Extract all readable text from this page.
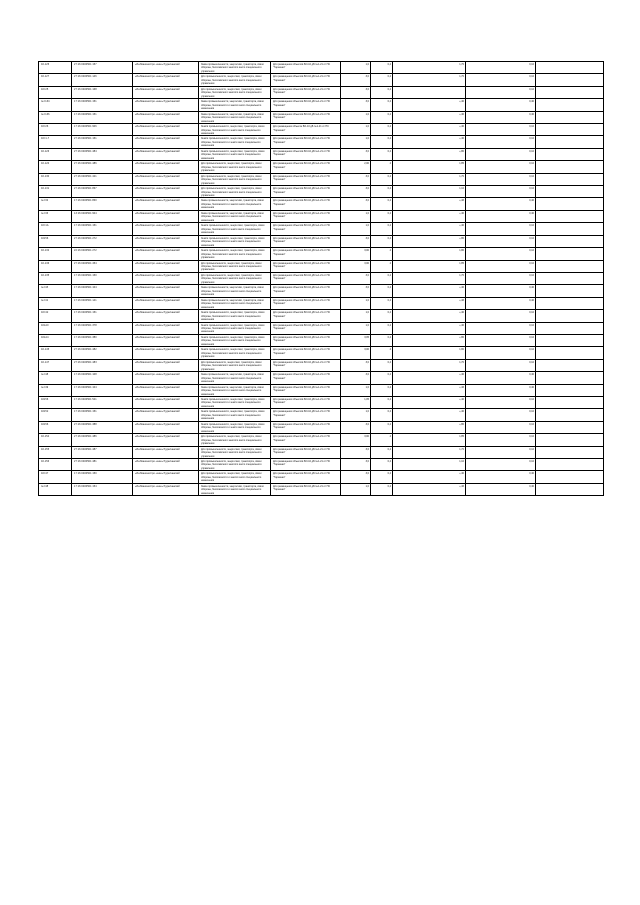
02-125	27:16:0400501:157	«Ин-Машиностро- ение» Рудничанский	Закон промышленности, энергетики, транспорта, связи обороны, бессоматного занятого иного специального управления	Для размещения объектов БО-10 дБ №1-21 от ПС "Таразная"	1,0	0,4	1,70	0,10	
02-127	27:16:0400501:146	«Ин-Машиностро- ение» Рудничанский	Для промышленности, энергетики, транспорта, связи обороны, бессоматного занятого иного специального управления	Для размещения объектов БО-10 дБ №1-21 от ПС "Таразная"	3,0	0,4	1,70	0,10	
02=25	27:16:0400501:168	«Ин-Машиностро- ение» Рудничанский	Для промышленности, энергетики, транспорта, связи обороны, бессоматного занятого иного специального управления	Для размещения объектов БО-10 дБ №1-21 от ПС "Таразная"	3,0	0,4		0,10	
№=134	17:16:0400501:151	«Ин-Машиностро- ение» Рудничанский	Закон промышленности, энергетики, транспорта, связи обороны, безопасности и занято иного специального назначения	Для размещения объектов БО-10 дБ №1-21 от ПС "Таразная"	3,0	0,4	+,40	0,40	
№=136	17:16:0400501:151	«Ин-Машиностро- ение» Рудничанский	Закон промышленности, энергетики, транспорта, связи обороны, безопасности и занято иного специального назначения	Для размещения объектов БО-10 дБ №1-21 от ПС "Таразная"	1,0	0,4	+,40	0,40	
02=26	17:16:0400501:906	«Ин-Машиностро- ение» Рудничанский	Земля промышленности, энергетики, транспорта, связи обороны, безопасности и земли иного специального назначения	Для размещения объекта БО-10 дБ №1-21 от ПС "Таразная"	1,0	0,4	+,40	0,10	
02=1-7	27:16:0400501:151	«Ин-Машиностро- ение» Рудничанский	Земли промышленности, энергетики, транспорта, связи обороны, безопасности и земли иного специального назначения	Для размещения объектов БО-10 дБ №1-21 от ПС "Таразная"	1,0	0,4	+,40	0,10	
02-126	27:16:0400501:484	«Ин-Машиностро- ение» Рудничанский	Земли промышленности, энергетики, транспорта, связи обороны, безопасности и земли иного специального назначения	Для размещения объектов БО-10 дБ №1-21 от ПС "Таразная"	3,0	0,4	+,80	0,10	
02-120	27:16:0400501:486	«Ин-Машиностро- ение» Рудничанский	Для промышленности, энергетики, транспорта, связи обороны, бессоматного занятого иного специального управления	Для размещения объектов БО-10 дБ №1-21 от ПС "Таразная"	2,00	4	1,85	0,10	
02-130	27:16:0400501:421	«Ин-Машиностро- ение» Рудничанский	Для промышленности, энергетики, транспорта, связи обороны, бессоматного занятого иного специального управления	Для размещения объектов БО-10 дБ №1-21 от ПС "Таразная"	3,0	0,4	1,70	0,10	
02-131	27:16:0400501:867	«Ин-Машиностро- ение» Рудничанский	Для промышленности, энергетики, транспорта, связи обороны, бессоматного занятого иного специального управления	Для размещения объектов БО-10 дБ №1-21 от ПС "Таразная"	3,0	0,4	1,10	0,10	
№=32	17:16:0400501:860	«Ин-Машиностро- ение» Рудничанский	Закон промышленности, энергетики, транспорта, связи обороны, безопасности и занято иного специального назначения	Для размещения объектов БО-10 дБ №1-21 от ПС "Таразная"	3,0	0,4	+,46	0,40	
№=33	13:16:0400501:904	«Ин-Машиностро- ение» Рудничанский	Закон промышленности, энергетики, транспорта, связи обороны, безопасности и занято иного специального назначения	Для размещения объектов БО-10 дБ №1-21 от ПС "Таразная"	1,0	0,4	+,40	0,40	
02=1A	17:16:0400501:151	«Ин-Машиностро- ение» Рудничанский	Земли промышленности, энергетики, транспорта, связи обороны, безопасности и земли иного специального назначения	Для размещения объектов БО-10 дБ №1-21 от ПС "Таразная"	1,0	0,4	+,40	0,10	
02156	27:16:0400501:272	«Ин-Машиностро- ение» Рудничанский	Земли промышленности, энергетики, транспорта, связи обороны, безопасности и земли иного специального назначения	Для размещения объектов БО-10 дБ №1-21 от ПС "Таразная"	3,0	0,4	+,80	0,10	
02-132	22:16:0400501:272	«Ин-Машиностро- ение» Рудничанский	Земли промышленности, энергетики, транспорта, связи обороны, бессоматного занятого иного специального управления	Для размещения объектов БО-10 дБ №1-21 от ПС "Таразная"	3,00	4	1,80	0,10	
02-136	27:16:0400501:454	«Ин-Машиностро- ение» Рудничанский	Для промышленности, энергетики, транспорта, связи обороны, бессоматного занятого иного специального управления	Для размещения объектов БО-10 дБ №1-21 от ПС "Таразная"	3,00	4	1,85	0,10	
02-135	17:16:0400501:150	«Ин-Машиностро- ение» Рудничанский	Для промышленности, энергетики, транспорта, связи обороны, бессоматного занятого иного специального управления	Для размещения объектов БО-10 дБ №1-21 от ПС "Таразная"	3,0	0,4	1,70	0,10	
№=4б	17:16:0400501:104	«Ин-Машиностро- ение» Рудничанский	Закон промышленности, энергетики, транспорта, связи обороны, безопасности и занято иного специального назначения	Для размещения объектов БО-10 дБ №1-21 от ПС "Таразная"	3,0	0,4	+,40	0,40	
№=41	17:16:0400501:141	«Ин-Машиностро- ение» Рудничанский	Закон промышленности, энергетики, транспорта, связи обороны, безопасности и занято иного специального назначения	Для размещения объектов БО-10 дБ №1-21 от ПС "Таразная"	1,0	0,4	+,46	0,40	
02=42	17:16:0400501:151	«Ин-Машиностро- ение» Рудничанский	Земли промышленности, энергетики, транспорта, связи обороны, безопасности и земли иного специального назначения	Для размещения объектов БО-10 дБ №1-21 от ПС "Таразная"	1,0	0,4	+,40	0,10	
021A0	17:16:0400501:378	«Ин-Машиностро- ение» Рудничанский	Земли промышленности, энергетики, транспорта, связи обороны, безопасности и земли иного специального назначения	Для размещения объектов БО-10 дБ №1-21 от ПС "Таразная"	1,0	0,4	+,40	0,10	
021A4	17:16:0400501:380	«Ин-Машиностро- ение» Рудничанский	Земли промышленности, энергетики, транспорта, связи обороны, безопасности и земли иного специального назначения	Для размещения объектов БО-10 дБ №1-21 от ПС "Таразная"	3,05	0,4	+,80	0,10	
02-145	27:16:0400501:482	«Ин-Машиностро- ение» Рудничанский	Земли промышленности, энергетики, транспорта, связи обороны, бессоматного занятого иного специального управления	Для размещения объектов БО-10 дБ №1-21 от ПС "Таразная"	3,00	4	1,80	0,10	
02-147	27:16:0400501:483	«Ин-Машиностро- ение» Рудничанский	Для промышленности, энергетики, транспорта, связи обороны, бессоматного занятого иного специального управления	Для размещения объектов БО-10 дБ №1-21 от ПС "Таразная"	3,0	0,4	1,70	0,10	
№=48	17:16:0400501:108	«Ин-Машиностро- ение» Рудничанский	Закон промышленности, энергетики, транспорта, связи обороны, безопасности и занято иного специального назначения	Для размещения объектов БО-10 дБ №1-21 от ПС "Таразная"	3,0	0,4	+,40	0,40	
№=49	17:16:0400501:104	«Ин-Машиностро- ение» Рудничанский	Закон промышленности, энергетики, транспорта, связи обороны, безопасности и занято иного специального назначения	Для размещения объектов БО-10 дБ №1-21 от ПС "Таразная"	1,0	0,4	+,46	0,40	
02156	17:16:0400501:541	«Ин-Машиностро- ение» Рудничанский	Земли промышленности, энергетики, транспорта, связи обороны, безопасности и земли иного специального назначения	Для размещения объектов БО-10 дБ №1-21 от ПС "Таразная"	1,05	0,4	+,40	0,10	
02152	17:16:0400501:151	«Ин-Машиностро- ение» Рудничанский	Земли промышленности, энергетики, транспорта, связи обороны, безопасности и земли иного специального назначения	Для размещения объектов БО-10 дБ №1-21 от ПС "Таразная"	1,0	0,4	+,40	0,10	
02156	27:16:0400501:388	«Ин-Машиностро- ение» Рудничанский	Земли промышленности, энергетики, транспорта, связи обороны, безопасности и земли иного специального назначения	Для размещения объектов БО-10 дБ №1-21 от ПС "Таразная"	3,0	0,4	+,80	0,10	
02-154	27:16:0400501:486	«Ин-Машиностро- ение» Рудничанский	Для промышленности, энергетики, транспорта, связи обороны, бессоматного занятого иного специального управления	Для размещения объектов БО-10 дБ №1-21 от ПС "Таразная"	3,00	4	1,85	0,10	
02-155	27:16:0400501:487	«Ин-Машиностро- ение» Рудничанский	Для промышленности, энергетики, транспорта, связи обороны, бессоматного занятого иного специального управления	Для размещения объектов БО-10 дБ №1-21 от ПС "Таразная"	3,0	0,4	1,70	0,10	
02-156	27:16:0400501:481	«Ин-Машиностро- ение» Рудничанский	Для промышленности, энергетики, транспорта, связи обороны, бессоматного занятого иного специального управления	Для размещения объектов БО-10 дБ №1-21 от ПС "Таразная"	3,0	0,4	1,10	0,10	
02=47	17:16:0400501:150	«Ин-Машиностро- ение» Рудничанский	Для промышленности, энергетики, транспорта, связи обороны, безопасности и занято иного специального назначения	Для размещения объектов БО-10 дБ №1-21 от ПС "Таразная"	3,0	0,4	+,40	0,40	
№=48	17:16:0400501:154	«Ин-Машиностро- ение» Рудничанский	Закон промышленности, энергетики, транспорта, связи обороны, безопасности и занято иного специального назначения	Для размещения объектов БО-10 дБ №1-21 от ПС "Таразная"	1,0	0,4	+,46	0,40	
